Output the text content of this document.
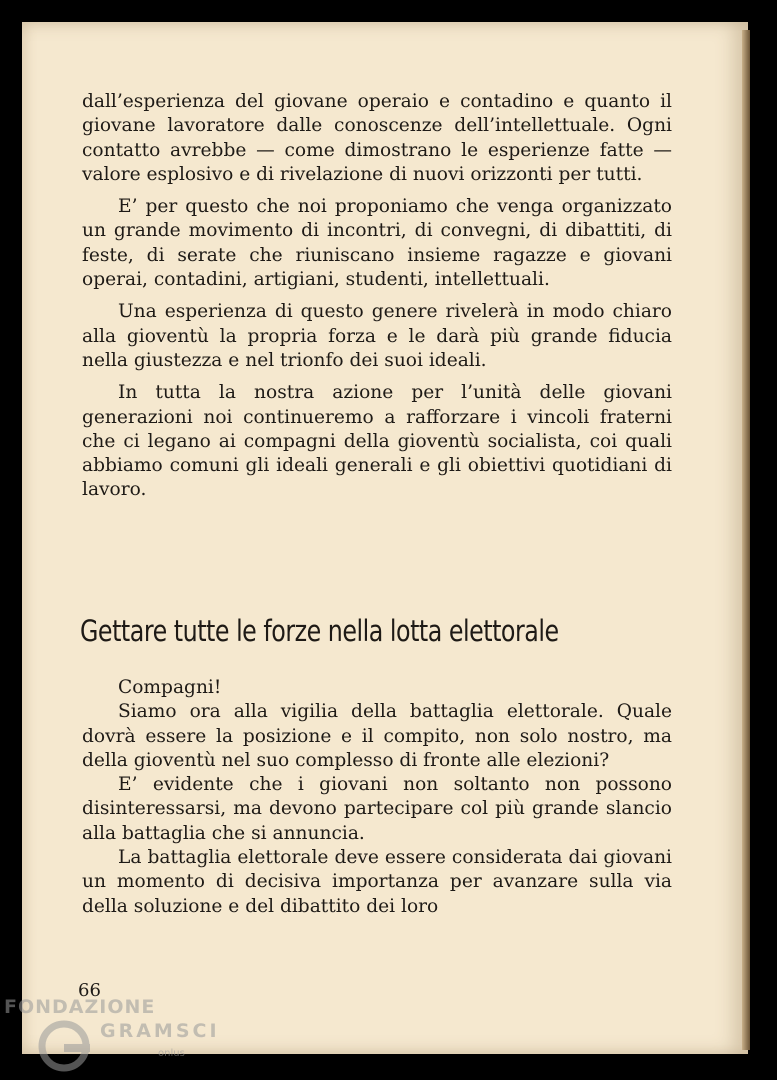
dall’esperienza del giovane operaio e contadino e quanto il giovane lavoratore dalle conoscenze dell’intellettuale. Ogni contatto avrebbe — come dimostrano le esperienze fatte — valore esplosivo e di rivelazione di nuovi orizzonti per tutti.

E’ per questo che noi proponiamo che venga organizzato un grande movimento di incontri, di convegni, di dibattiti, di feste, di serate che riuniscano insieme ragazze e giovani operai, contadini, artigiani, studenti, intellettuali.

Una esperienza di questo genere rivelerà in modo chiaro alla gioventù la propria forza e le darà più grande fiducia nella giustezza e nel trionfo dei suoi ideali.

In tutta la nostra azione per l’unità delle giovani generazioni noi continueremo a rafforzare i vincoli fraterni che ci legano ai compagni della gioventù socialista, coi quali abbiamo comuni gli ideali generali e gli obiettivi quotidiani di lavoro.

Gettare tutte le forze nella lotta elettorale

Compagni!

Siamo ora alla vigilia della battaglia elettorale. Quale dovrà essere la posizione e il compito, non solo nostro, ma della gioventù nel suo complesso di fronte alle elezioni?

E’ evidente che i giovani non soltanto non possono disinteressarsi, ma devono partecipare col più grande slancio alla battaglia che si annuncia.

La battaglia elettorale deve essere considerata dai giovani un momento di decisiva importanza per avanzare sulla via della soluzione e del dibattito dei loro

66
FONDAZIONE
GRAMSCI
onlus
